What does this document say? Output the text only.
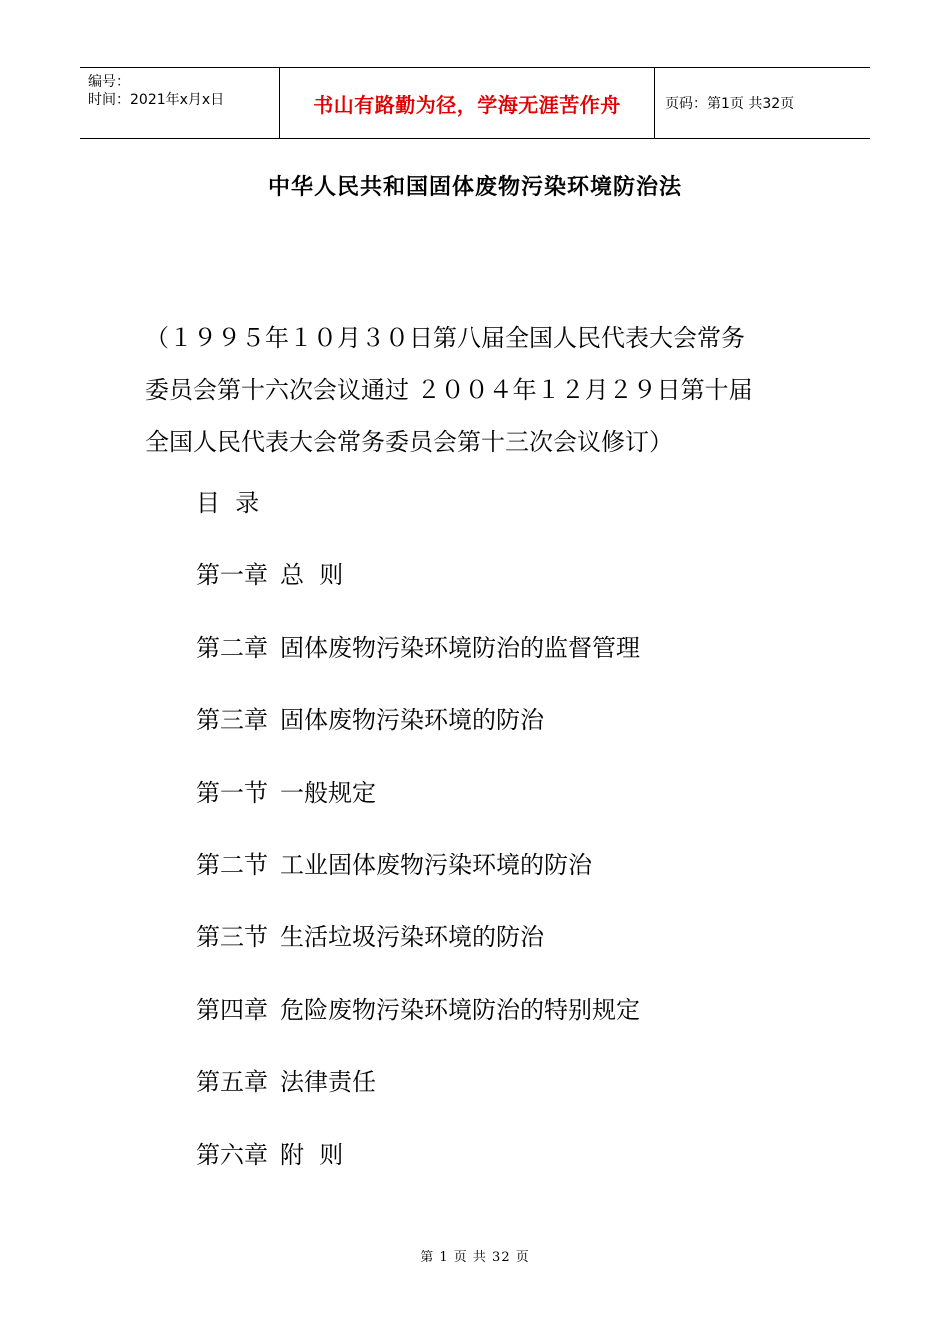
编号：
时间：2021年x月x日	书山有路勤为径，学海无涯苦作舟	页码：第1页 共32页
中华人民共和国固体废物污染环境防治法
（１９９５年１０月３０日第八届全国人民代表大会常务
委员会第十六次会议通过 ２００４年１２月２９日第十届
全国人民代表大会常务委员会第十三次会议修订）
目  录
第一章 总  则
第二章 固体废物污染环境防治的监督管理
第三章 固体废物污染环境的防治
第一节 一般规定
第二节 工业固体废物污染环境的防治
第三节 生活垃圾污染环境的防治
第四章 危险废物污染环境防治的特别规定
第五章 法律责任
第六章 附  则
第 1 页 共 32 页
